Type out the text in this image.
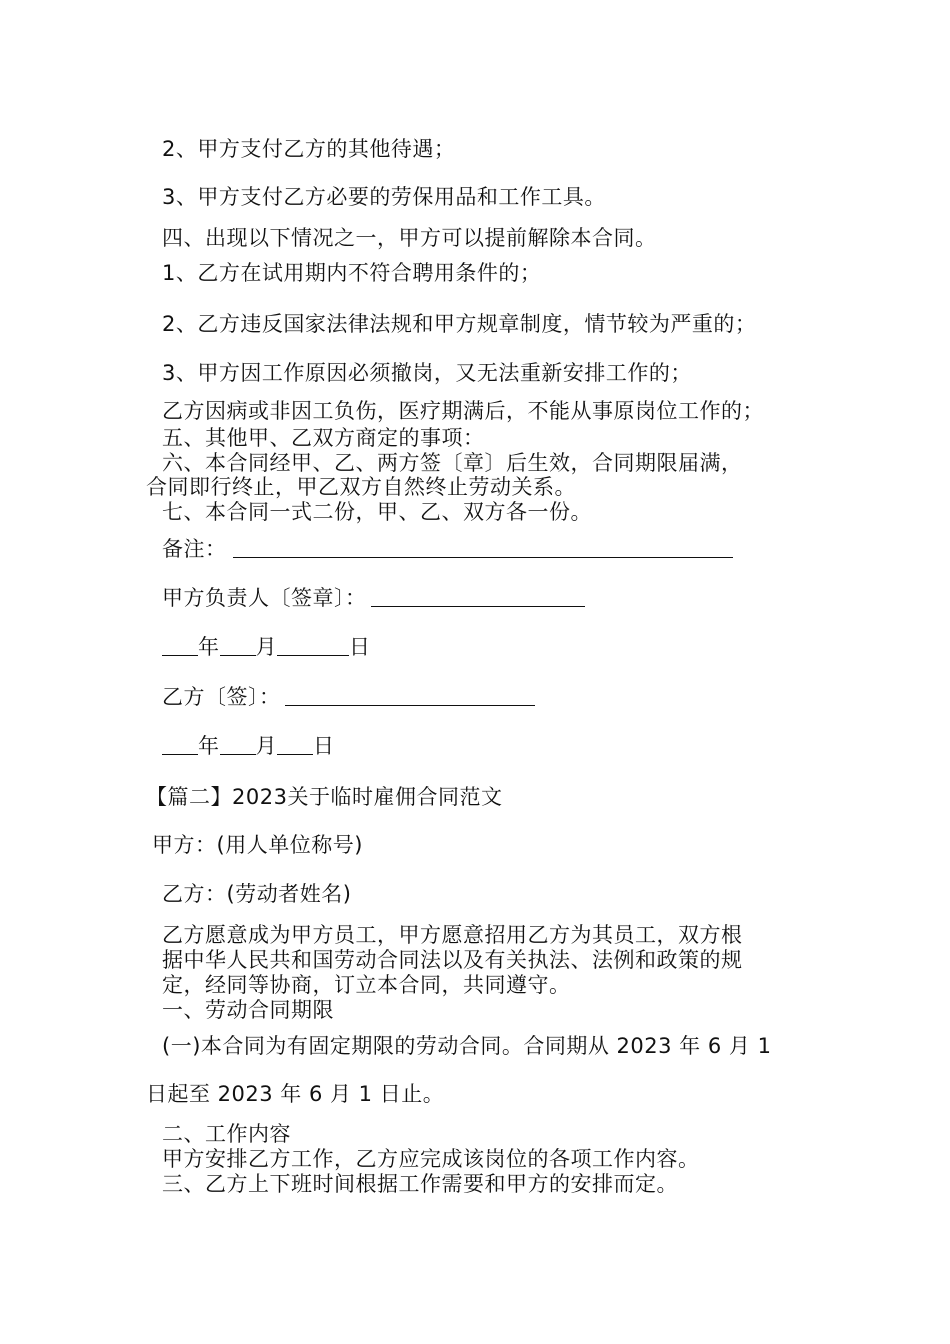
2、甲方支付乙方的其他待遇；
3、甲方支付乙方必要的劳保用品和工作工具。
四、出现以下情况之一，甲方可以提前解除本合同。
1、乙方在试用期内不符合聘用条件的；
2、乙方违反国家法律法规和甲方规章制度，情节较为严重的；
3、甲方因工作原因必须撤岗，又无法重新安排工作的；
乙方因病或非因工负伤，医疗期满后，不能从事原岗位工作的；
五、其他甲、乙双方商定的事项：
六、本合同经甲、乙、两方签〔章〕后生效，合同期限届满，
合同即行终止，甲乙双方自然终止劳动关系。
七、本合同一式二份，甲、乙、双方各一份。
备注：
甲方负责人〔签章〕：
年 月	日
乙方〔签〕：
年 月 日
【篇二】2023关于临时雇佣合同范文
甲方：(用人单位称号)
乙方：(劳动者姓名)
乙方愿意成为甲方员工，甲方愿意招用乙方为其员工，双方根
据中华人民共和国劳动合同法以及有关执法、法例和政策的规
定，经同等协商，订立本合同，共同遵守。
一、劳动合同期限
(一)本合同为有固定期限的劳动合同。合同期从 2023 年 6 月 1
日起至 2023 年 6 月 1 日止。
二、工作内容
甲方安排乙方工作，乙方应完成该岗位的各项工作内容。
三、乙方上下班时间根据工作需要和甲方的安排而定。
